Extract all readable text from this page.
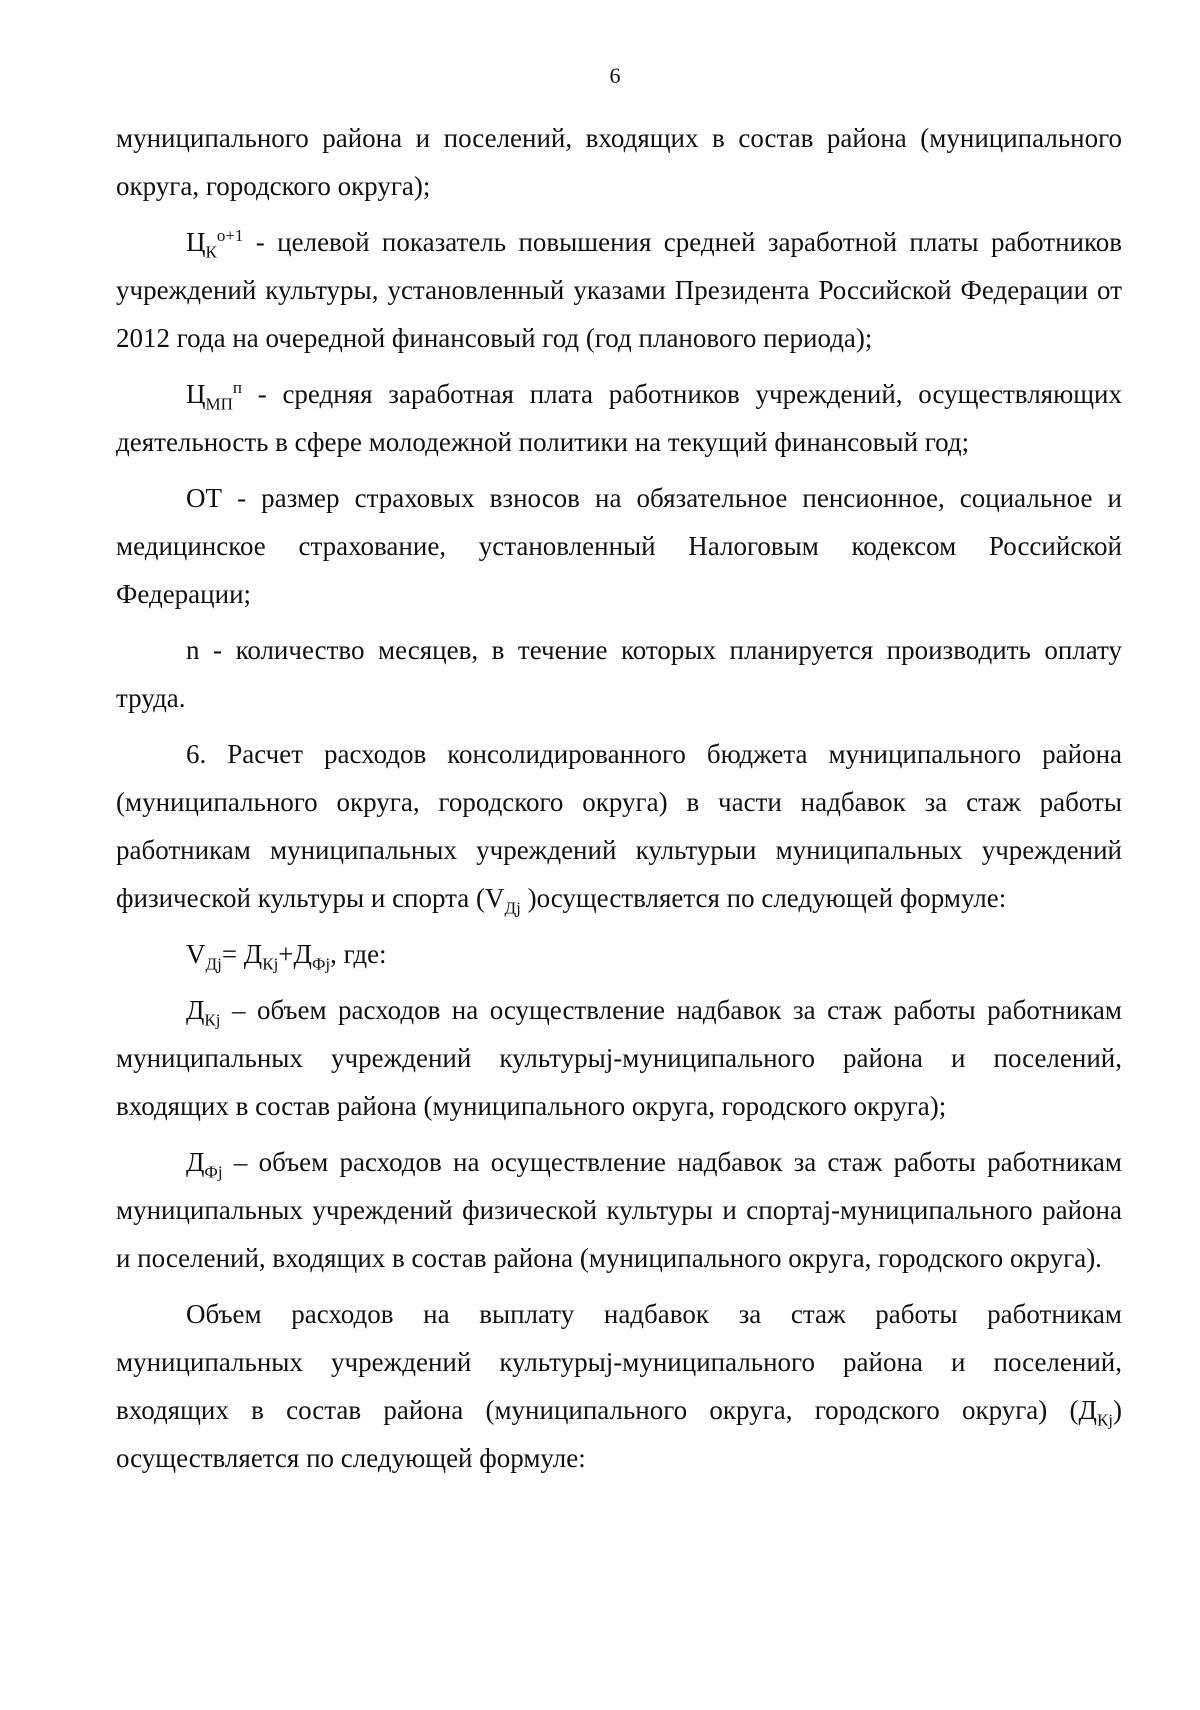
6

муниципального района и поселений, входящих в состав района (муниципального округа, городского округа);

$Ц_К^{о+1}$ - целевой показатель повышения средней заработной платы работников учреждений культуры, установленный указами Президента Российской Федерации от 2012 года на очередной финансовый год (год планового периода);

$Ц_{МП}^п$ - средняя заработная плата работников учреждений, осуществляющих деятельность в сфере молодежной политики на текущий финансовый год;

ОТ - размер страховых взносов на обязательное пенсионное, социальное и медицинское страхование, установленный Налоговым кодексом Российской Федерации;

n - количество месяцев, в течение которых планируется производить оплату труда.

6. Расчет расходов консолидированного бюджета муниципального района (муниципального округа, городского округа) в части надбавок за стаж работы работникам муниципальных учреждений культурыи муниципальных учреждений физической культуры и спорта ($V_{Дj}$ )осуществляется по следующей формуле:

$V_{Дj}= Д_{Кj}+Д_{Фj}$, где:

$Д_{Кj}$ – объем расходов на осуществление надбавок за стаж работы работникам муниципальных учреждений культурыj-муниципального района и поселений, входящих в состав района (муниципального округа, городского округа);

$Д_{Фj}$ – объем расходов на осуществление надбавок за стаж работы работникам муниципальных учреждений физической культуры и спортаj-муниципального района и поселений, входящих в состав района (муниципального округа, городского округа).

Объем расходов на выплату надбавок за стаж работы работникам муниципальных учреждений культурыj-муниципального района и поселений, входящих в состав района (муниципального округа, городского округа) $(Д_{Кj})$ осуществляется по следующей формуле:
